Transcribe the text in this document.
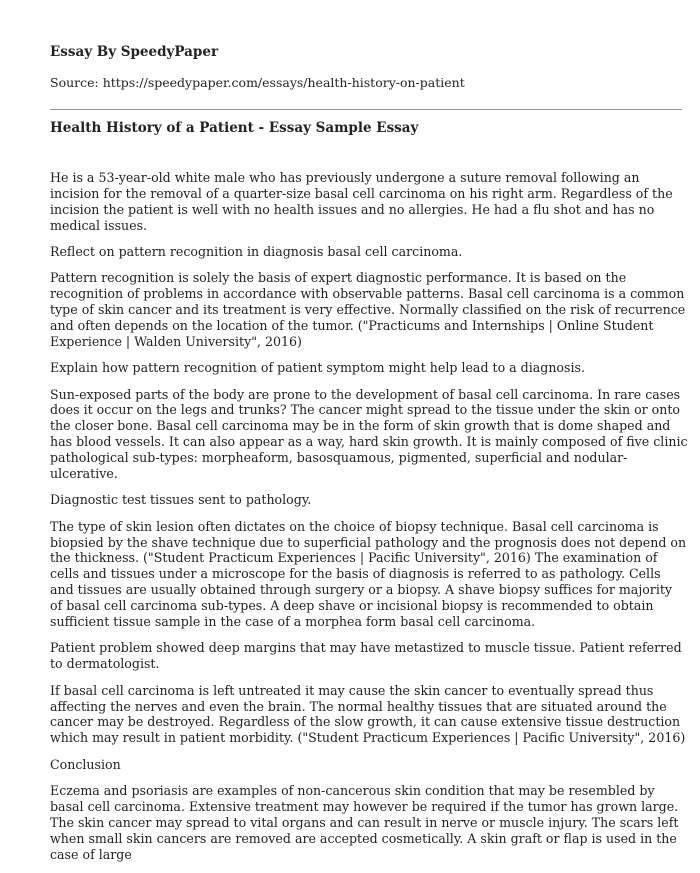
Essay By SpeedyPaper

Source: https://speedypaper.com/essays/health-history-on-patient

Health History of a Patient - Essay Sample Essay

He is a 53-year-old white male who has previously undergone a suture removal following an incision for the removal of a quarter-size basal cell carcinoma on his right arm. Regardless of the incision the patient is well with no health issues and no allergies. He had a flu shot and has no medical issues.

Reflect on pattern recognition in diagnosis basal cell carcinoma.

Pattern recognition is solely the basis of expert diagnostic performance. It is based on the recognition of problems in accordance with observable patterns. Basal cell carcinoma is a common type of skin cancer and its treatment is very effective. Normally classified on the risk of recurrence and often depends on the location of the tumor. ("Practicums and Internships | Online Student Experience | Walden University", 2016)

Explain how pattern recognition of patient symptom might help lead to a diagnosis.

Sun-exposed parts of the body are prone to the development of basal cell carcinoma. In rare cases does it occur on the legs and trunks? The cancer might spread to the tissue under the skin or onto the closer bone. Basal cell carcinoma may be in the form of skin growth that is dome shaped and has blood vessels. It can also appear as a way, hard skin growth. It is mainly composed of five clinic pathological sub-types: morpheaform, basosquamous, pigmented, superficial and nodular-ulcerative.

Diagnostic test tissues sent to pathology.

The type of skin lesion often dictates on the choice of biopsy technique. Basal cell carcinoma is biopsied by the shave technique due to superficial pathology and the prognosis does not depend on the thickness. ("Student Practicum Experiences | Pacific University", 2016) The examination of cells and tissues under a microscope for the basis of diagnosis is referred to as pathology. Cells and tissues are usually obtained through surgery or a biopsy. A shave biopsy suffices for majority of basal cell carcinoma sub-types. A deep shave or incisional biopsy is recommended to obtain sufficient tissue sample in the case of a morphea form basal cell carcinoma.

Patient problem showed deep margins that may have metastized to muscle tissue. Patient referred to dermatologist.

If basal cell carcinoma is left untreated it may cause the skin cancer to eventually spread thus affecting the nerves and even the brain. The normal healthy tissues that are situated around the cancer may be destroyed. Regardless of the slow growth, it can cause extensive tissue destruction which may result in patient morbidity. ("Student Practicum Experiences | Pacific University", 2016)

Conclusion

Eczema and psoriasis are examples of non-cancerous skin condition that may be resembled by basal cell carcinoma. Extensive treatment may however be required if the tumor has grown large. The skin cancer may spread to vital organs and can result in nerve or muscle injury. The scars left when small skin cancers are removed are accepted cosmetically. A skin graft or flap is used in the case of large
